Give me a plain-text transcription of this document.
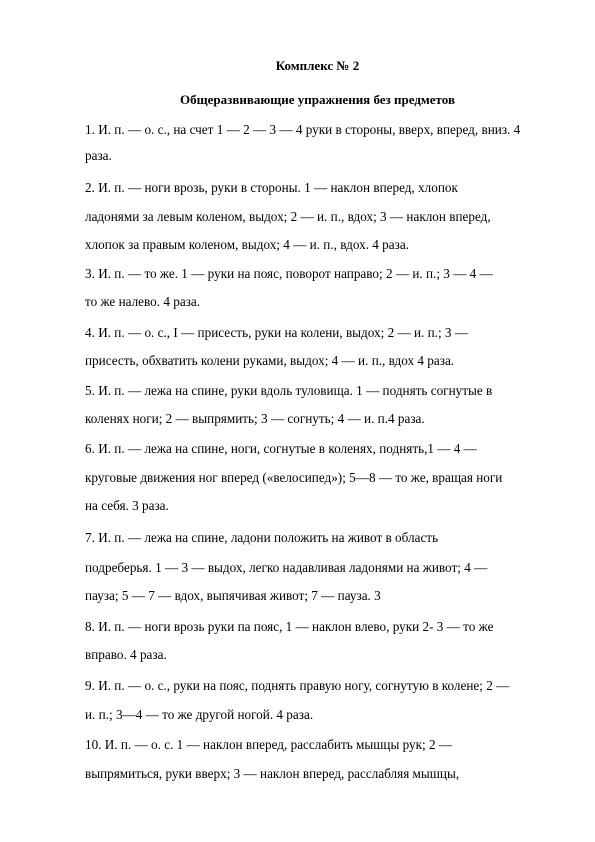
Комплекс № 2
Общеразвивающие упражнения без предметов
1. И. п. — о. с., на счет 1 — 2 — 3 — 4 руки в стороны, вверх, вперед, вниз. 4
раза.
2. И. п. — ноги врозь, руки в стороны. 1 — наклон вперед, хлопок
ладонями за левым коленом, выдох; 2 — и. п., вдох; 3 — наклон вперед,
хлопок за правым коленом, выдох; 4 — и. п., вдох. 4 раза.
3. И. п. — то же. 1 — руки на пояс, поворот направо; 2 — и. п.; 3 — 4 —
то же налево. 4 раза.
4. И. п. — о. с., I — присесть, руки на колени, выдох; 2 — и. п.; 3 —
присесть, обхватить колени руками, выдох; 4 — и. п., вдох 4 раза.
5. И. п. — лежа на спине, руки вдоль туловища. 1 — поднять согнутые в
коленях ноги; 2 — выпрямить; 3 — согнуть; 4 — и. п.4 раза.
6. И. п. — лежа на спине, ноги, согнутые в коленях, поднять,1 — 4 —
круговые движения ног вперед («велосипед»); 5—8 — то же, вращая ноги
на себя. 3 раза.
7. И. п. — лежа на спине, ладони положить на живот в область
подреберья. 1 — 3 — выдох, легко надавливая ладонями на живот; 4 —
пауза; 5 — 7 — вдох, выпячивая живот; 7 — пауза. 3
8. И. п. — ноги врозь руки па пояс, 1 — наклон влево, руки 2- 3 — то же
вправо. 4 раза.
9. И. п. — о. с., руки на пояс, поднять правую ногу, согнутую в колене; 2 —
и. п.; 3—4 — то же другой ногой. 4 раза.
10. И. п. — о. с. 1 — наклон вперед, расслабить мышцы рук; 2 —
выпрямиться, руки вверх; 3 — наклон вперед, расслабляя мышцы,
